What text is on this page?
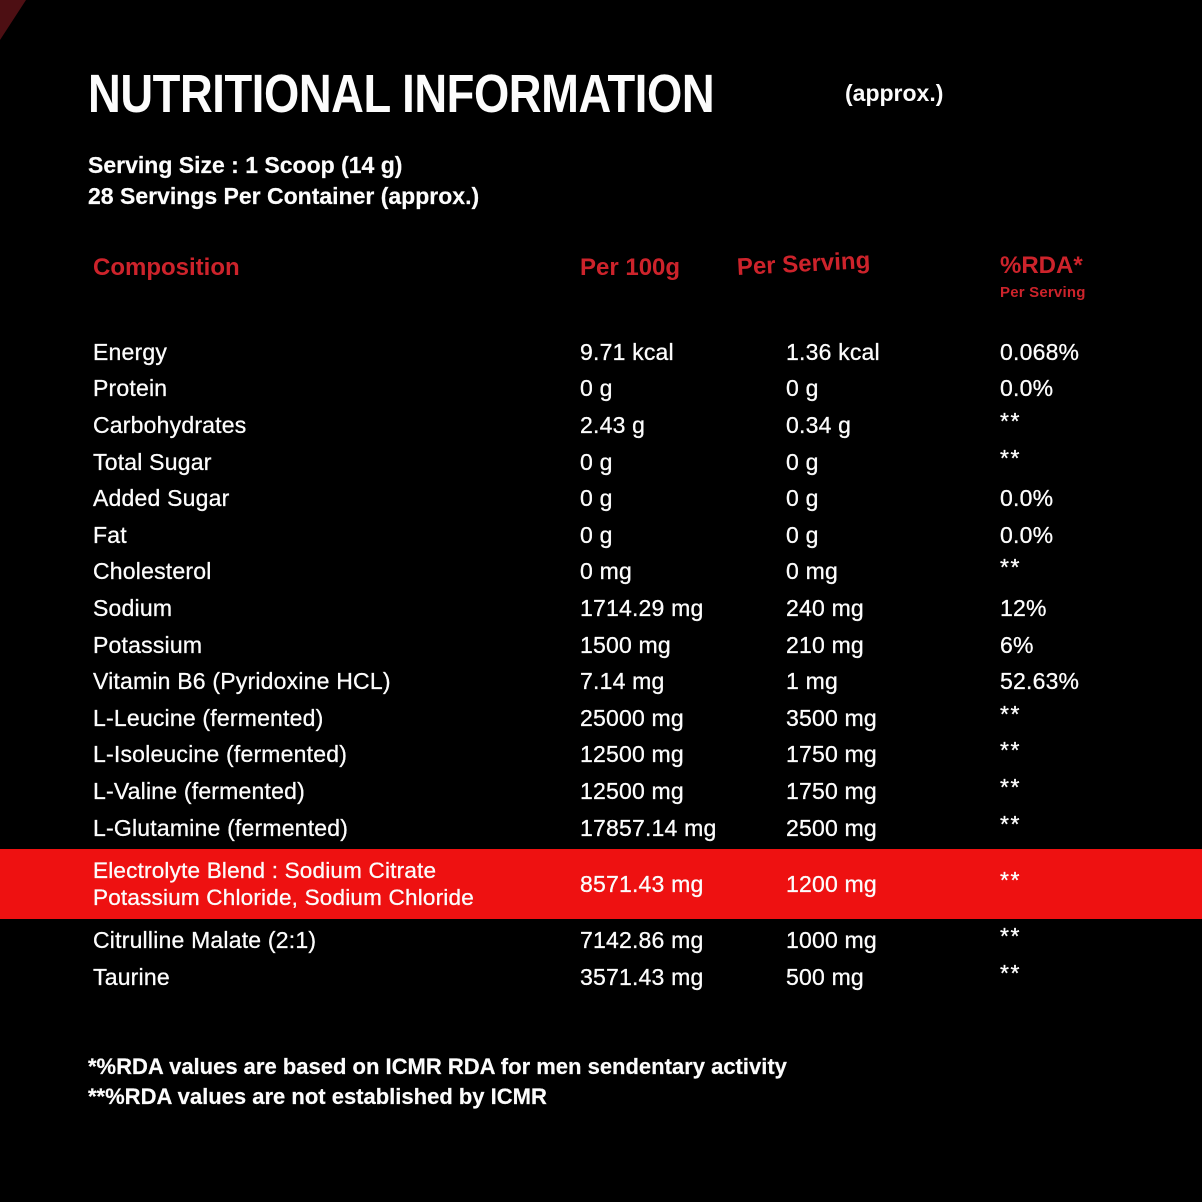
NUTRITIONAL INFORMATION	(approx.)
Serving Size : 1 Scoop (14 g)
28 Servings Per Container (approx.)
Composition	Per 100g	Per Serving	%RDA*
Per Serving
Energy	9.71 kcal	1.36 kcal	0.068%
Protein	0 g	0 g	0.0%
Carbohydrates	2.43 g	0.34 g	**
Total Sugar	0 g	0 g	**
Added Sugar	0 g	0 g	0.0%
Fat	0 g	0 g	0.0%
Cholesterol	0 mg	0 mg	**
Sodium	1714.29 mg	240 mg	12%
Potassium	1500 mg	210 mg	6%
Vitamin B6 (Pyridoxine HCL)	7.14 mg	1 mg	52.63%
L-Leucine (fermented)	25000 mg	3500 mg	**
L-Isoleucine (fermented)	12500 mg	1750 mg	**
L-Valine (fermented)	12500 mg	1750 mg	**
L-Glutamine (fermented)	17857.14 mg	2500 mg	**
Electrolyte Blend : Sodium Citrate
Potassium Chloride, Sodium Chloride
8571.43 mg	1200 mg	**
Citrulline Malate (2:1)	7142.86 mg	1000 mg	**
Taurine	3571.43 mg	500 mg	**
*%RDA values are based on ICMR RDA for men sendentary activity
**%RDA values are not established by ICMR
